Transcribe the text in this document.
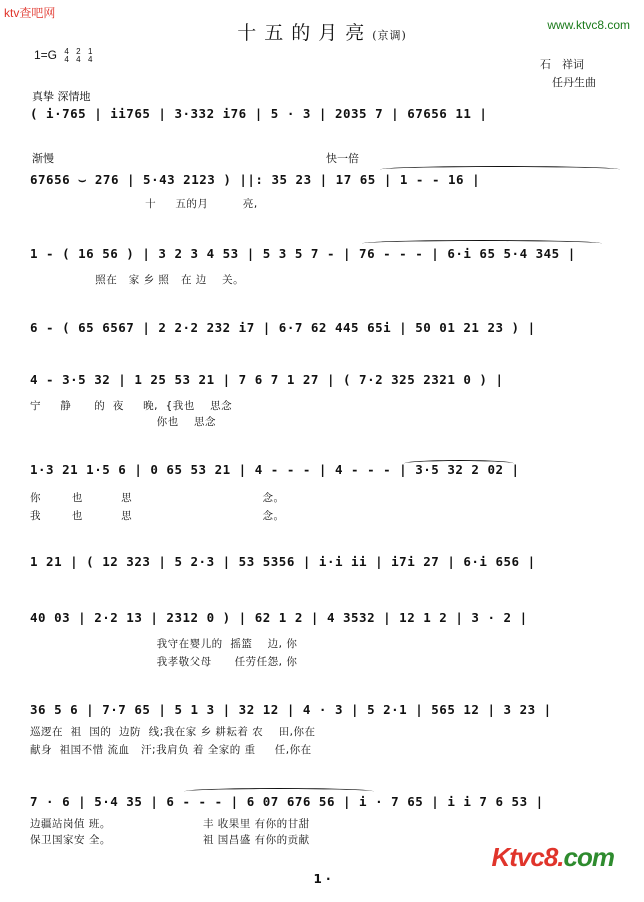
ktv查吧网
www.ktvc8.com
十五的月亮(京调)
1=G 4
4 2
4 1
4	石　祥词
任丹生曲
真挚 深情地
渐慢	快一倍
( i·765 | ii765 | 3·332 i76 | 5 · 3 | 2035 7 | 67656 11 |
67656 ⌣ 276 | 5·43 2123 ) ||: 35 23 | 17 65 | 1 - - 16 |
1 - ( 16 56 ) | 3 2 3 4 53 | 5 3 5 7 - | 76 - - - | 6·i 65 5·4 345 |
6 - ( 65 6567 | 2 2·2 232 i7 | 6·7 62 445 65i | 50 01 21 23 ) |
4 - 3·5 32 | 1 25 53 21 | 7 6 7 1 27 | ( 7·2 325 2321 0 ) |
1·3 21 1·5 6 | 0 65 53 21 | 4 - - - | 4 - - - | 3·5 32 2 02 |
1 21 | ( 12 323 | 5 2·3 | 53 5356 | i·i ii | i7i 27 | 6·i 656 |
40 03 | 2·2 13 | 2312 0 ) | 62 1 2 | 4 3532 | 12 1 2 | 3 · 2 |
36 5 6 | 7·7 65 | 5 1 3 | 32 12 | 4 · 3 | 5 2·1 | 565 12 | 3 23 |
7 · 6 | 5·4 35 | 6 - - - | 6 07 676 56 | i · 7 65 | i i 7 6 53 |
十     五的月         亮,
照在   家 乡 照   在 边    关。
宁     静      的  夜     晚,  {我也    思念
你也    思念
你        也          思                                  念。
我        也          思                                  念。
我守在婴儿的  摇篮    边, 你
我孝敬父母      任劳任怨, 你
巡逻在  祖  国的  边防  线;我在家 乡 耕耘着 农    田,你在
献身  祖国不惜 流血   汗;我肩负 着 全家的 重     任,你在
边疆站岗值 班。                        丰 收果里 有你的甘甜
保卫国家安 全。                        祖 国昌盛 有你的贡献
1 ·
Ktvc8.com
